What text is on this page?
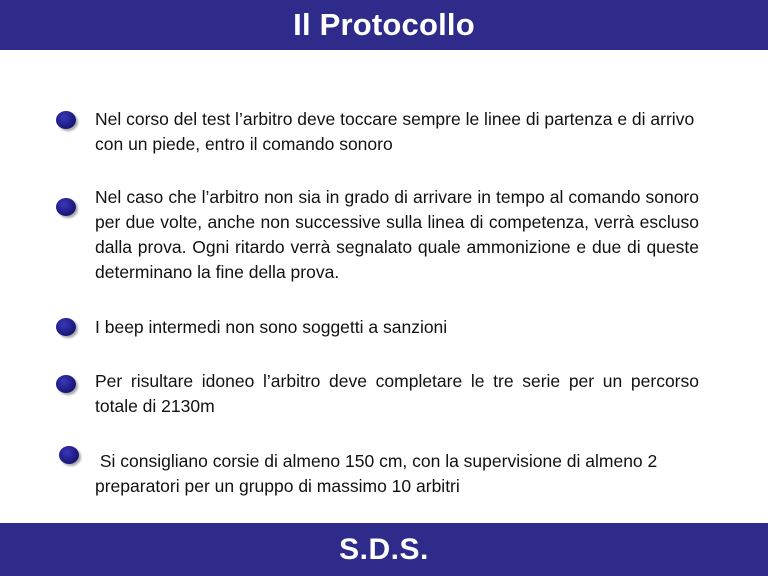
Il Protocollo
Nel corso del test l’arbitro deve toccare sempre le linee di partenza e di arrivo con un piede, entro il comando sonoro
Nel caso che l’arbitro non sia in grado di arrivare in tempo al comando sonoro per due volte, anche non successive sulla linea di competenza, verrà escluso dalla prova. Ogni ritardo verrà segnalato quale ammonizione e due di queste determinano la fine della prova.
I beep intermedi non sono soggetti a sanzioni
Per risultare idoneo l’arbitro deve completare le tre serie per un percorso totale di 2130m
Si consigliano corsie di almeno 150 cm, con la supervisione di almeno 2 preparatori per un gruppo di massimo 10 arbitri
S.D.S.
